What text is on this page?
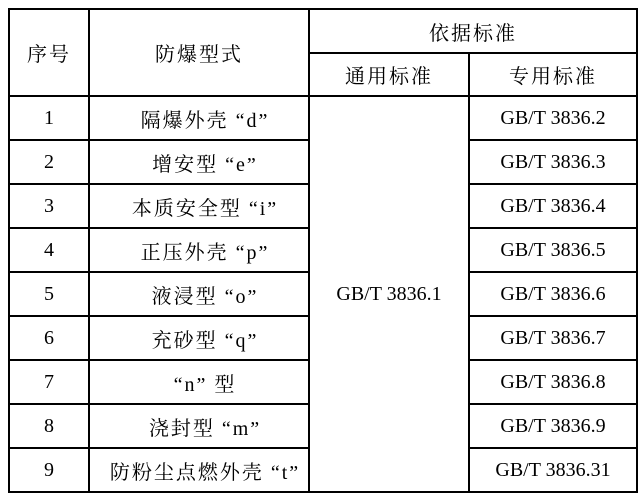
序号	防爆型式	依据标准	
		通用标准	专用标准
1	隔爆外壳 “d”	GB/T 3836.1	GB/T 3836.2
2	增安型 “e”		GB/T 3836.3
3	本质安全型 “i”		GB/T 3836.4
4	正压外壳 “p”		GB/T 3836.5
5	液浸型 “o”		GB/T 3836.6
6	充砂型 “q”		GB/T 3836.7
7	“n” 型		GB/T 3836.8
8	浇封型 “m”		GB/T 3836.9
9	防粉尘点燃外壳 “t”		GB/T 3836.31
